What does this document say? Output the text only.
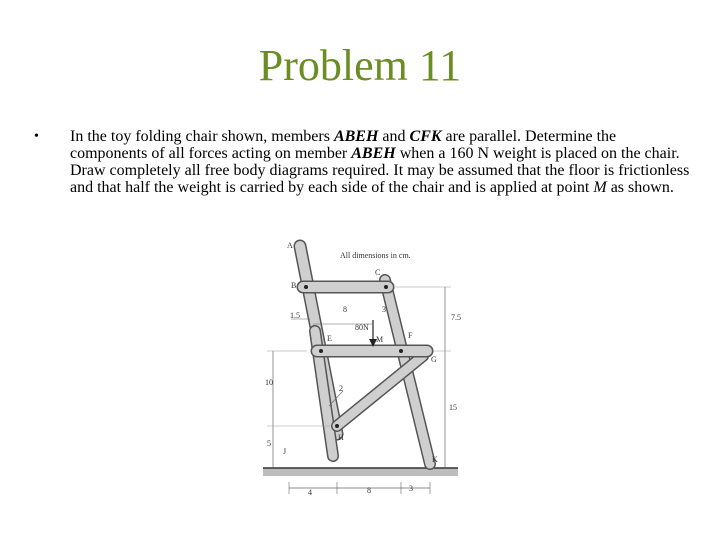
Problem 11
• In the toy folding chair shown, members ABEH and CFK are parallel. Determine the components of all forces acting on member ABEH when a 160 N weight is placed on the chair. Draw completely all free body diagrams required. It may be assumed that the floor is frictionless and that half the weight is carried by each side of the chair and is applied at point M as shown.
All dimensions in cm.
A
B
C
E	F
G
H
J
K
M
80N
8	3
1.5	7.5
10
15
5
2
4	8	3
